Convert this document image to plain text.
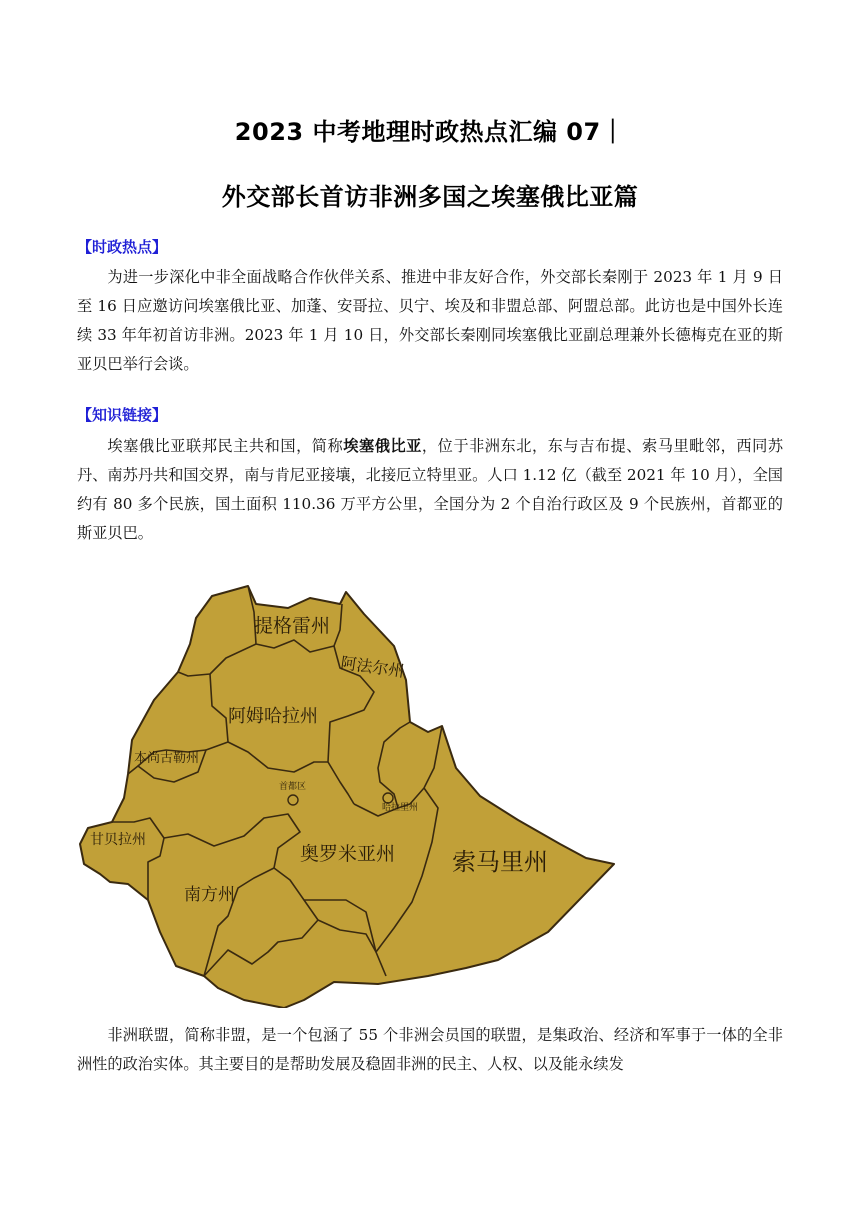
2023 中考地理时政热点汇编 07｜
外交部长首访非洲多国之埃塞俄比亚篇
【时政热点】
为进一步深化中非全面战略合作伙伴关系、推进中非友好合作，外交部长秦刚于 2023 年 1 月 9 日至 16 日应邀访问埃塞俄比亚、加蓬、安哥拉、贝宁、埃及和非盟总部、阿盟总部。此访也是中国外长连续 33 年年初首访非洲。2023 年 1 月 10 日，外交部长秦刚同埃塞俄比亚副总理兼外长德梅克在亚的斯亚贝巴举行会谈。
【知识链接】
埃塞俄比亚联邦民主共和国，简称埃塞俄比亚，位于非洲东北，东与吉布提、索马里毗邻，西同苏丹、南苏丹共和国交界，南与肯尼亚接壤，北接厄立特里亚。人口 1.12 亿（截至 2021 年 10 月），全国约有 80 多个民族，国土面积 110.36 万平方公里，全国分为 2 个自治行政区及 9 个民族州，首都亚的斯亚贝巴。
提格雷州
阿法尔州
阿姆哈拉州
本尚古勒州
首都区
哈拉里州
甘贝拉州
奥罗米亚州 索马里州
南方州
非洲联盟，简称非盟，是一个包涵了 55 个非洲会员国的联盟，是集政治、经济和军事于一体的全非洲性的政治实体。其主要目的是帮助发展及稳固非洲的民主、人权、以及能永续发
